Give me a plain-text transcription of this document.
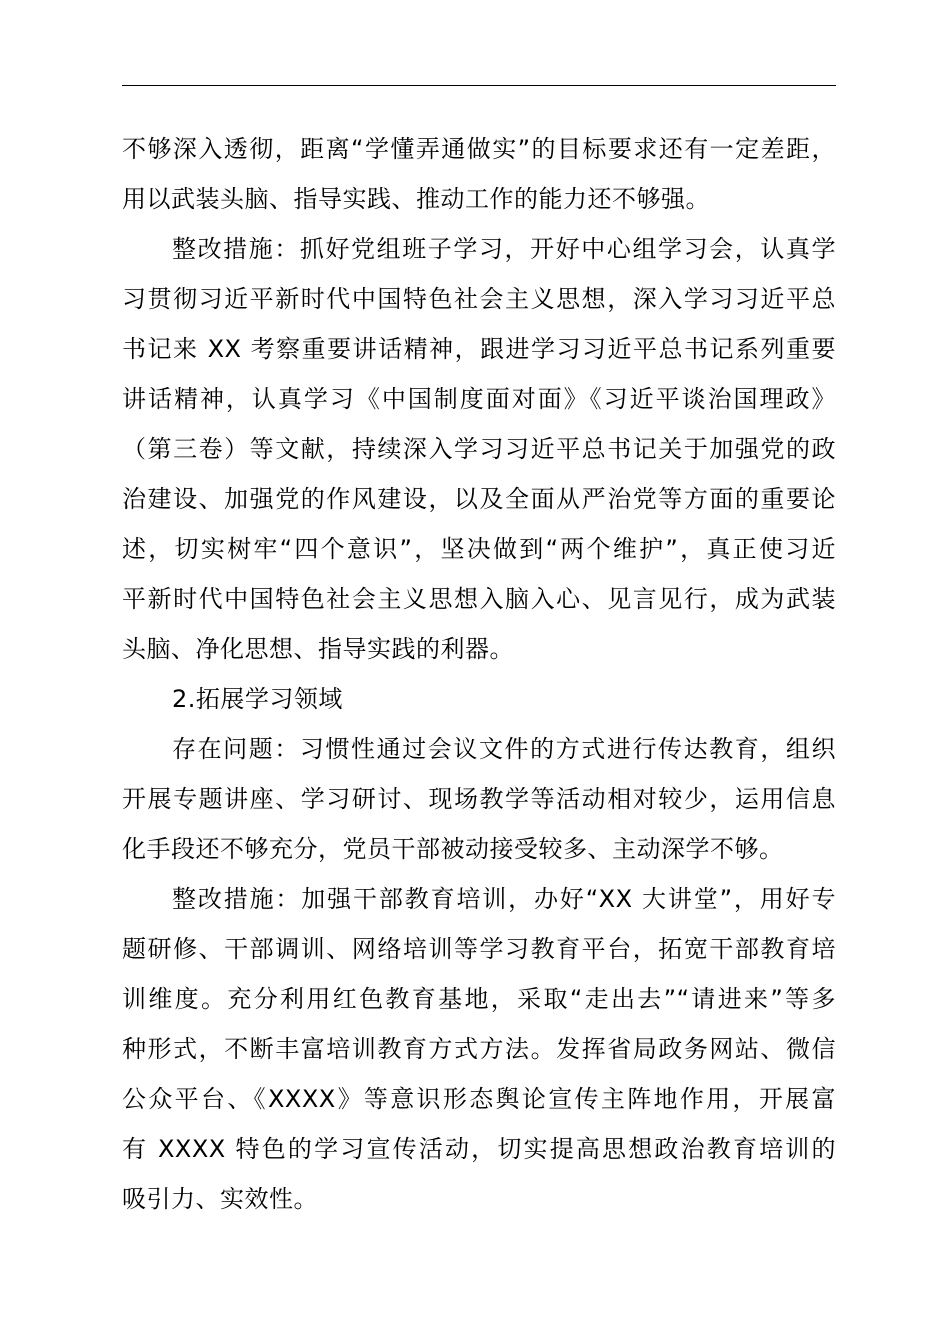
不够深入透彻，距离“学懂弄通做实”的目标要求还有一定差距，
用以武装头脑、指导实践、推动工作的能力还不够强。

整改措施：抓好党组班子学习，开好中心组学习会，认真学
习贯彻习近平新时代中国特色社会主义思想，深入学习习近平总
书记来 XX 考察重要讲话精神，跟进学习习近平总书记系列重要
讲话精神，认真学习《中国制度面对面》《习近平谈治国理政》
（第三卷）等文献，持续深入学习习近平总书记关于加强党的政
治建设、加强党的作风建设，以及全面从严治党等方面的重要论
述，切实树牢“四个意识”，坚决做到“两个维护”，真正使习近
平新时代中国特色社会主义思想入脑入心、见言见行，成为武装
头脑、净化思想、指导实践的利器。

2.拓展学习领域

存在问题：习惯性通过会议文件的方式进行传达教育，组织
开展专题讲座、学习研讨、现场教学等活动相对较少，运用信息
化手段还不够充分，党员干部被动接受较多、主动深学不够。

整改措施：加强干部教育培训，办好“XX 大讲堂”，用好专
题研修、干部调训、网络培训等学习教育平台，拓宽干部教育培
训维度。充分利用红色教育基地，采取“走出去”“请进来”等多
种形式，不断丰富培训教育方式方法。发挥省局政务网站、微信
公众平台、《XXXX》等意识形态舆论宣传主阵地作用，开展富
有 XXXX 特色的学习宣传活动，切实提高思想政治教育培训的
吸引力、实效性。
